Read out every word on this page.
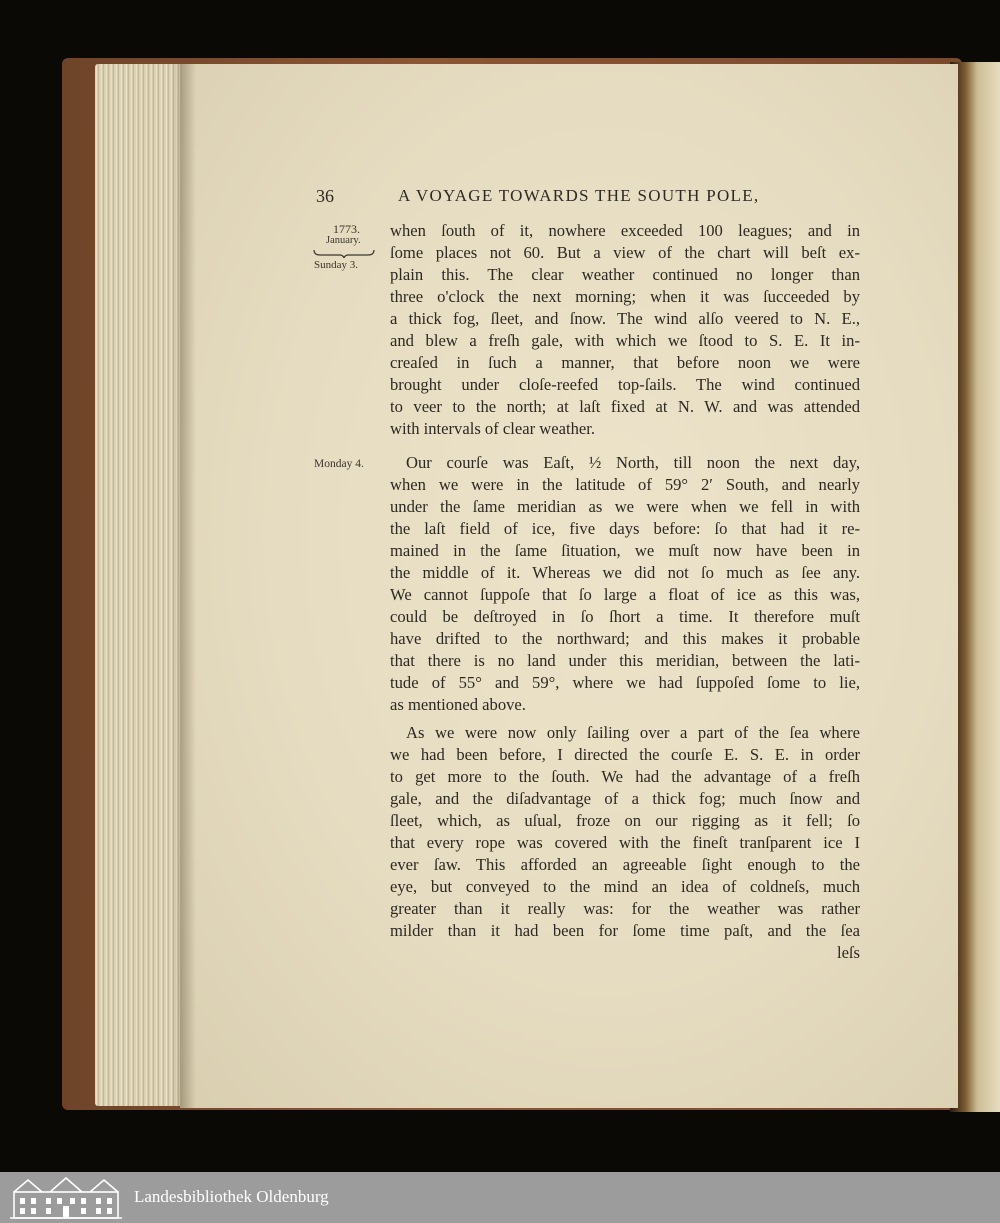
36	A VOYAGE TOWARDS THE SOUTH POLE,
1773.
January.
Sunday 3.
Monday 4.
when ſouth of it, nowhere exceeded 100 leagues; and in
ſome places not 60. But a view of the chart will beſt ex-
plain this. The clear weather continued no longer than
three o'clock the next morning; when it was ſucceeded by
a thick fog, ſleet, and ſnow. The wind alſo veered to N. E.,
and blew a freſh gale, with which we ſtood to S. E. It in-
creaſed in ſuch a manner, that before noon we were
brought under cloſe-reefed top-ſails. The wind continued
to veer to the north; at laſt fixed at N. W. and was attended
with intervals of clear weather.
Our courſe was Eaſt, ½ North, till noon the next day,
when we were in the latitude of 59° 2′ South, and nearly
under the ſame meridian as we were when we fell in with
the laſt field of ice, five days before: ſo that had it re-
mained in the ſame ſituation, we muſt now have been in
the middle of it. Whereas we did not ſo much as ſee any.
We cannot ſuppoſe that ſo large a float of ice as this was,
could be deſtroyed in ſo ſhort a time. It therefore muſt
have drifted to the northward; and this makes it probable
that there is no land under this meridian, between the lati-
tude of 55° and 59°, where we had ſuppoſed ſome to lie,
as mentioned above.
As we were now only ſailing over a part of the ſea where
we had been before, I directed the courſe E. S. E. in order
to get more to the ſouth. We had the advantage of a freſh
gale, and the diſadvantage of a thick fog; much ſnow and
ſleet, which, as uſual, froze on our rigging as it fell; ſo
that every rope was covered with the fineſt tranſparent ice I
ever ſaw. This afforded an agreeable ſight enough to the
eye, but conveyed to the mind an idea of coldneſs, much
greater than it really was: for the weather was rather
milder than it had been for ſome time paſt, and the ſea
leſs
Landesbibliothek Oldenburg
